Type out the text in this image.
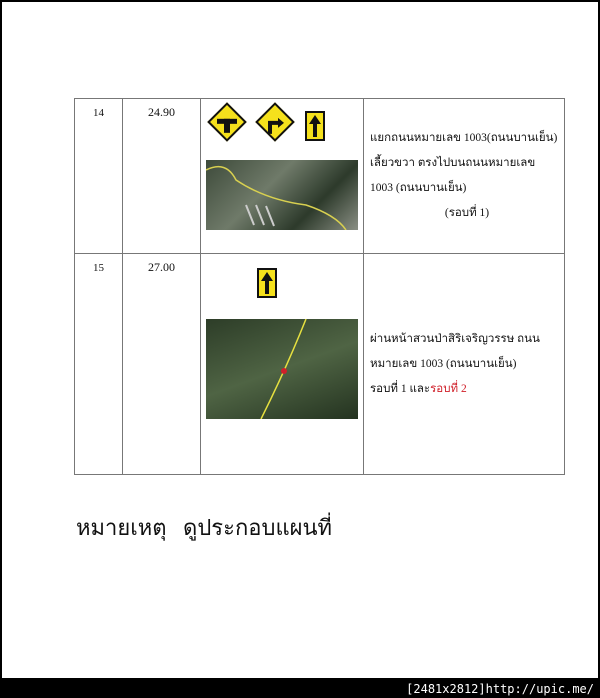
14	24.90		แยกถนนหมายเลข 1003(ถนนบานเย็น)
เลี้ยวขวา ตรงไปบนถนนหมายเลข
1003 (ถนนบานเย็น)

(รอบที่ 1)

15	27.00		ผ่านหน้าสวนป่าสิริเจริญวรรษ ถนน
หมายเลข 1003 (ถนนบานเย็น)
รอบที่ 1 และรอบที่ 2
หมายเหตุ   ดูประกอบแผนที่
[2481x2812]http://upic.me/
